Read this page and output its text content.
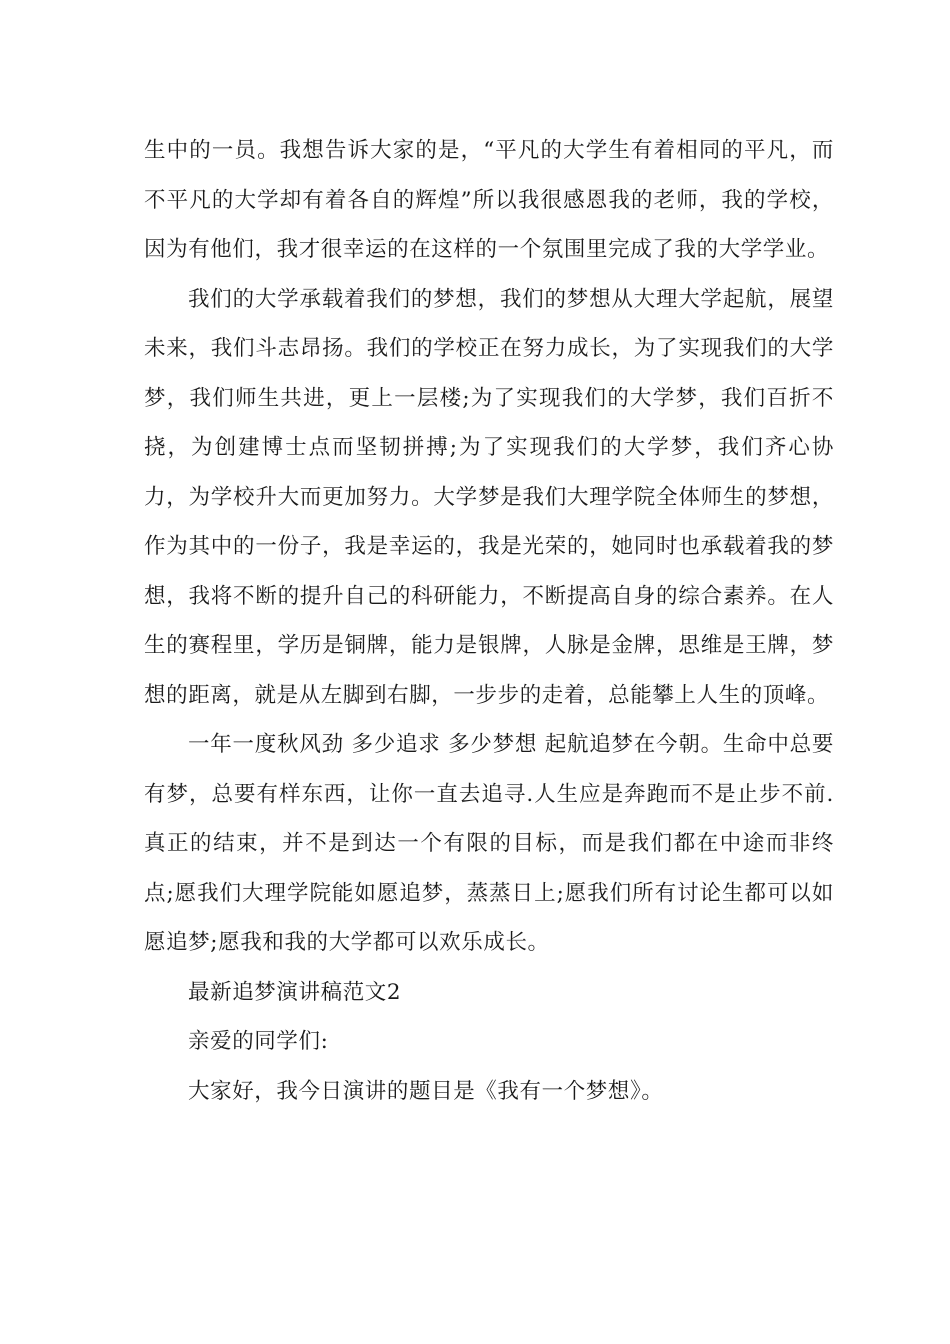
生中的一员。我想告诉大家的是，“平凡的大学生有着相同的平凡，而不平凡的大学却有着各自的辉煌”所以我很感恩我的老师，我的学校，因为有他们，我才很幸运的在这样的一个氛围里完成了我的大学学业。

我们的大学承载着我们的梦想，我们的梦想从大理大学起航，展望未来，我们斗志昂扬。我们的学校正在努力成长，为了实现我们的大学梦，我们师生共进，更上一层楼;为了实现我们的大学梦，我们百折不挠，为创建博士点而坚韧拼搏;为了实现我们的大学梦，我们齐心协力，为学校升大而更加努力。大学梦是我们大理学院全体师生的梦想，作为其中的一份子，我是幸运的，我是光荣的，她同时也承载着我的梦想，我将不断的提升自己的科研能力，不断提高自身的综合素养。在人生的赛程里，学历是铜牌，能力是银牌，人脉是金牌，思维是王牌，梦想的距离，就是从左脚到右脚，一步步的走着，总能攀上人生的顶峰。

一年一度秋风劲 多少追求 多少梦想 起航追梦在今朝。生命中总要有梦，总要有样东西，让你一直去追寻.人生应是奔跑而不是止步不前.真正的结束，并不是到达一个有限的目标，而是我们都在中途而非终点;愿我们大理学院能如愿追梦，蒸蒸日上;愿我们所有讨论生都可以如愿追梦;愿我和我的大学都可以欢乐成长。

最新追梦演讲稿范文2

亲爱的同学们:

大家好，我今日演讲的题目是《我有一个梦想》。
